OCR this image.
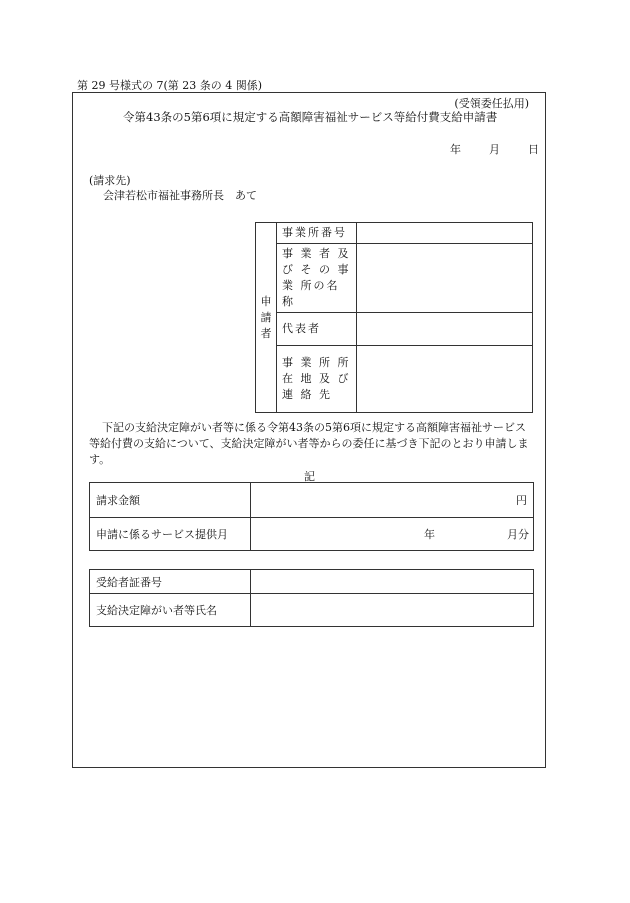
第 29 号様式の 7(第 23 条の 4 関係)
(受領委任払用)
令第43条の5第6項に規定する高額障害福祉サービス等給付費支給申請書
年	月	日
(請求先)
会津若松市福祉事務所長　あて
申
請
者	事業所番号	
	事 業 者 及 び そ の 事 業 所の名称	
	代表者	
	事 業 所 所 在 地 及 び 連 絡 先	
下記の支給決定障がい者等に係る令第43条の5第6項に規定する高額障害福祉サービス等給付費の支給について、支給決定障がい者等からの委任に基づき下記のとおり申請します。
記
請求金額	円
申請に係るサービス提供月	年 月分
受給者証番号	
支給決定障がい者等氏名	
